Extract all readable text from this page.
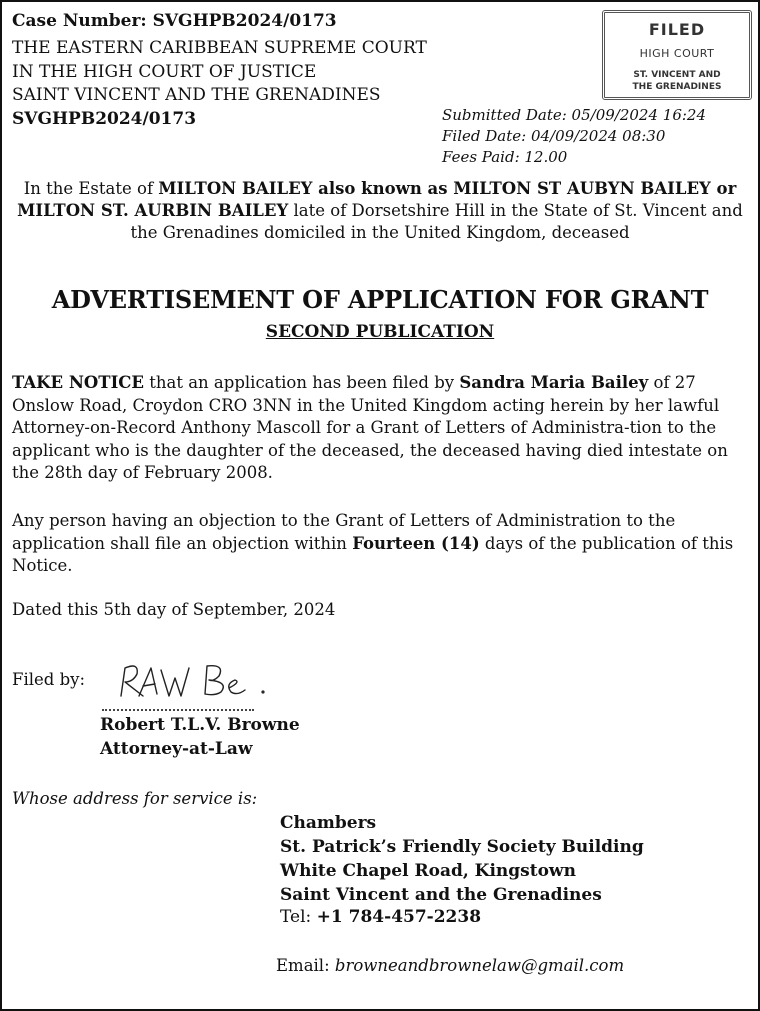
Case Number: SVGHPB2024/0173
THE EASTERN CARIBBEAN SUPREME COURT
IN THE HIGH COURT OF JUSTICE
SAINT VINCENT AND THE GRENADINES
SVGHPB2024/0173
FILED
HIGH COURT
ST. VINCENT AND
THE GRENADINES
Submitted Date: 05/09/2024 16:24
Filed Date: 04/09/2024 08:30
Fees Paid: 12.00
In the Estate of MILTON BAILEY also known as MILTON ST AUBYN BAILEY or MILTON ST. AURBIN BAILEY late of Dorsetshire Hill in the State of St. Vincent and the Grenadines domiciled in the United Kingdom, deceased
ADVERTISEMENT OF APPLICATION FOR GRANT
SECOND PUBLICATION
TAKE NOTICE that an application has been filed by Sandra Maria Bailey of 27 Onslow Road, Croydon CRO 3NN in the United Kingdom acting herein by her lawful Attorney-on-Record Anthony Mascoll for a Grant of Letters of Administra-tion to the applicant who is the daughter of the deceased, the deceased having died intestate on the 28th day of February 2008.
Any person having an objection to the Grant of Letters of Administration to the application shall file an objection within Fourteen (14) days of the publication of this Notice.
Dated this 5th day of September, 2024
Filed by:
Robert T.L.V. Browne
Attorney-at-Law
Whose address for service is:
Chambers
St. Patrick’s Friendly Society Building
White Chapel Road, Kingstown
Saint Vincent and the Grenadines
Tel: +1 784-457-2238
Email: browneandbrownelaw@gmail.com
